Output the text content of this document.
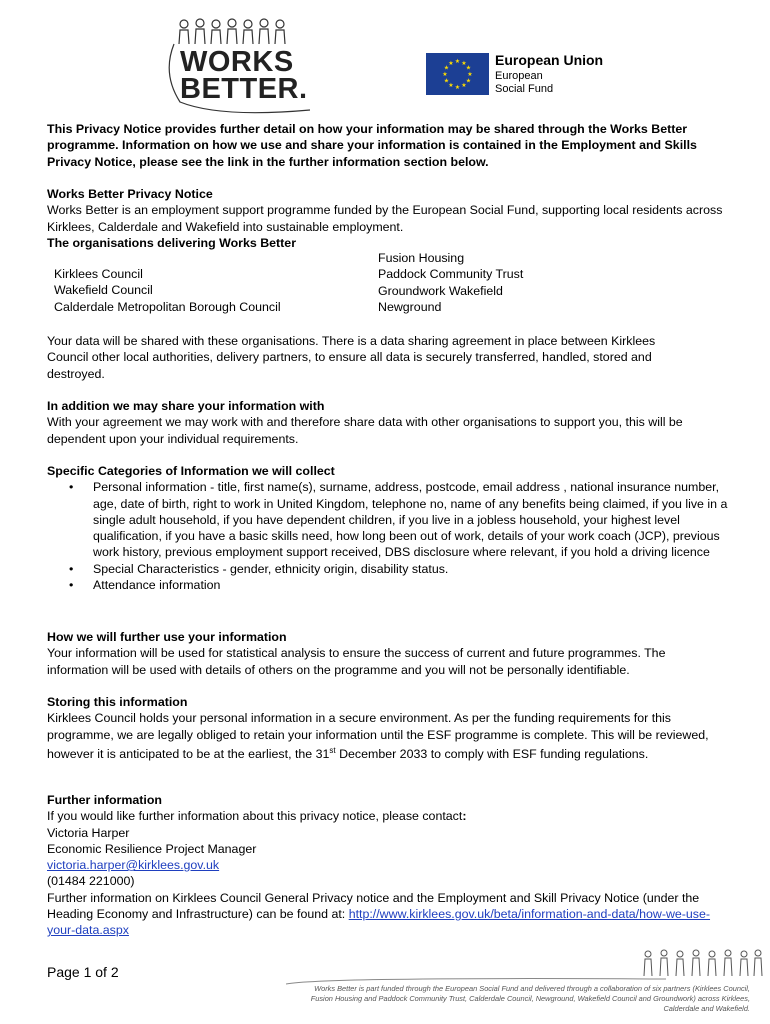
WORKS
BETTER.
★ ★
★
★
★
★
★
★
★
★
★
★	European Union
European
Social Fund

This Privacy Notice provides further detail on how your information may be shared through the Works Better programme. Information on how we use and share your information is contained in the Employment and Skills Privacy Notice, please see the link in the further information section below.

Works Better Privacy Notice
Works Better is an employment support programme funded by the European Social Fund, supporting local residents across Kirklees, Calderdale and Wakefield into sustainable employment.
The organisations delivering Works Better
Kirklees Council
Wakefield Council
Calderdale Metropolitan Borough Council
Fusion Housing
Paddock Community Trust
Groundwork Wakefield
Newground

Your data will be shared with these organisations. There is a data sharing agreement in place between Kirklees Council other local authorities, delivery partners, to ensure all data is securely transferred, handled, stored and destroyed.

In addition we may share your information with
With your agreement we may work with and therefore share data with other organisations to support you, this will be dependent upon your individual requirements.
Specific Categories of Information we will collect
• Personal information - title, first name(s), surname, address, postcode, email address , national insurance number, age, date of birth, right to work in United Kingdom, telephone no, name of any benefits being claimed, if you live in a single adult household, if you have dependent children, if you live in a jobless household, your highest level qualification, if you have a basic skills need, how long been out of work, details of your work coach (JCP), previous work history, previous employment support received, DBS disclosure where relevant, if you hold a driving licence
• Special Characteristics - gender, ethnicity origin, disability status.
• Attendance information
How we will further use your information
Your information will be used for statistical analysis to ensure the success of current and future programmes. The information will be used with details of others on the programme and you will not be personally identifiable.
Storing this information
Kirklees Council holds your personal information in a secure environment. As per the funding requirements for this programme, we are legally obliged to retain your information until the ESF programme is complete. This will be reviewed, however it is anticipated to be at the earliest, the 31st December 2033 to comply with ESF funding regulations.
Further information
If you would like further information about this privacy notice, please contact:
Victoria Harper
Economic Resilience Project Manager
victoria.harper@kirklees.gov.uk
(01484 221000)
Further information on Kirklees Council General Privacy notice and the Employment and Skill Privacy Notice (under the Heading Economy and Infrastructure) can be found at: http://www.kirklees.gov.uk/beta/information-and-data/how-we-use-your-data.aspx
Page 1 of 2
Works Better is part funded through the European Social Fund and delivered through a collaboration of six partners (Kirklees Council, Fusion Housing and Paddock Community Trust, Calderdale Council, Newground, Wakefield Council and Groundwork) across Kirklees, Calderdale and Wakefield.
